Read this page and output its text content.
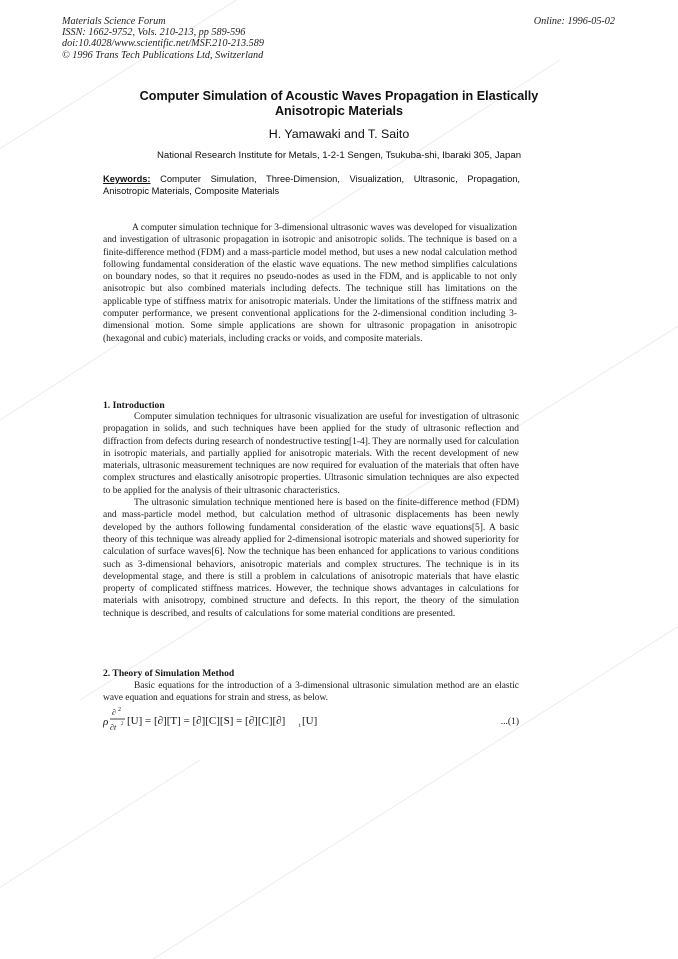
Materials Science Forum
ISSN: 1662-9752, Vols. 210-213, pp 589-596
doi:10.4028/www.scientific.net/MSF.210-213.589
© 1996 Trans Tech Publications Ltd, Switzerland
Online: 1996-05-02
Computer Simulation of Acoustic Waves Propagation in Elastically
Anisotropic Materials
H. Yamawaki and T. Saito
National Research Institute for Metals, 1-2-1 Sengen, Tsukuba-shi, Ibaraki 305, Japan
Keywords: Computer Simulation, Three-Dimension, Visualization, Ultrasonic, Propagation, Anisotropic Materials, Composite Materials
A computer simulation technique for 3-dimensional ultrasonic waves was developed for visualization and investigation of ultrasonic propagation in isotropic and anisotropic solids. The technique is based on a finite-difference method (FDM) and a mass-particle model method, but uses a new nodal calculation method following fundamental consideration of the elastic wave equations. The new method simplifies calculations on boundary nodes, so that it requires no pseudo-nodes as used in the FDM, and is applicable to not only anisotropic but also combined materials including defects. The technique still has limitations on the applicable type of stiffness matrix for anisotropic materials. Under the limitations of the stiffness matrix and computer performance, we present conventional applications for the 2-dimensional condition including 3-dimensional motion. Some simple applications are shown for ultrasonic propagation in anisotropic (hexagonal and cubic) materials, including cracks or voids, and composite materials.
1. Introduction

Computer simulation techniques for ultrasonic visualization are useful for investigation of ultrasonic propagation in solids, and such techniques have been applied for the study of ultrasonic reflection and diffraction from defects during research of nondestructive testing[1-4]. They are normally used for calculation in isotropic materials, and partially applied for anisotropic materials. With the recent development of new materials, ultrasonic measurement techniques are now required for evaluation of the materials that often have complex structures and elastically anisotropic properties. Ultrasonic simulation techniques are also expected to be applied for the analysis of their ultrasonic characteristics.

The ultrasonic simulation technique mentioned here is based on the finite-difference method (FDM) and mass-particle model method, but calculation method of ultrasonic displacements has been newly developed by the authors following fundamental consideration of the elastic wave equations[5]. A basic theory of this technique was already applied for 2-dimensional isotropic materials and showed superiority for calculation of surface waves[6]. Now the technique has been enhanced for applications to various conditions such as 3-dimensional behaviors, anisotropic materials and complex structures. The technique is in its developmental stage, and there is still a problem in calculations of anisotropic materials that have elastic property of complicated stiffness matrices. However, the technique shows advantages in calculations for materials with anisotropy, combined structure and defects. In this report, the theory of the simulation technique is described, and results of calculations for some material conditions are presented.

2. Theory of Simulation Method

Basic equations for the introduction of a 3-dimensional ultrasonic simulation method are an elastic wave equation and equations for strain and stress, as below.

ρ
∂ 2
∂t 2 [U] = [∂][T] = [∂][C][S] = [∂][C][∂] t [U]	...(1)
